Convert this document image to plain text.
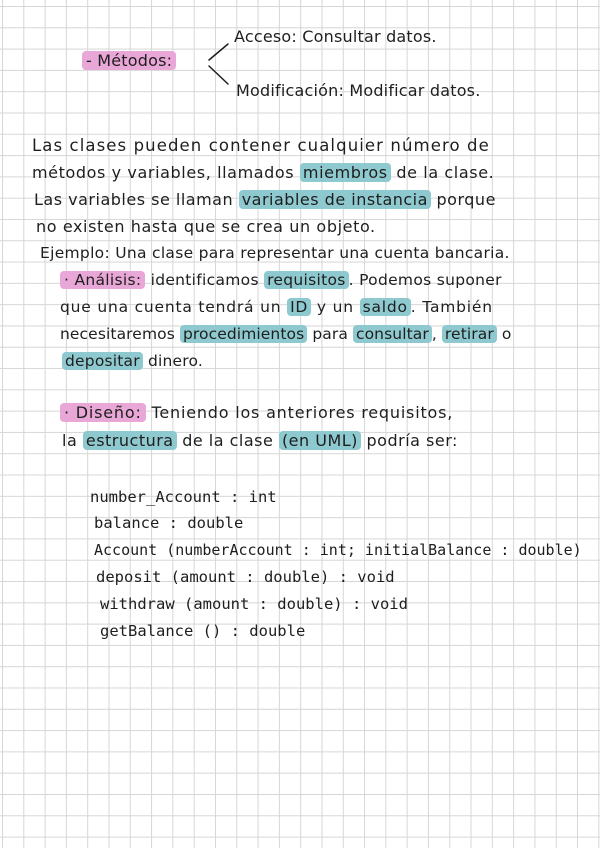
- Métodos:
Acceso: Consultar datos.
Modificación: Modificar datos.
Las clases pueden contener cualquier número de
métodos y variables, llamados miembros de la clase.
Las variables se llaman variables de instancia porque
no existen hasta que se crea un objeto.
Ejemplo: Una clase para representar una cuenta bancaria.
· Análisis: identificamos requisitos . Podemos suponer
que una cuenta tendrá un ID y un saldo . También
necesitaremos procedimientos para consultar , retirar o
depositar dinero.
· Diseño: Teniendo los anteriores requisitos,
la estructura de la clase (en UML) podría ser:
number_Account : int
balance : double
Account (numberAccount : int; initialBalance : double)
deposit (amount : double) : void
withdraw (amount : double) : void
getBalance () : double
